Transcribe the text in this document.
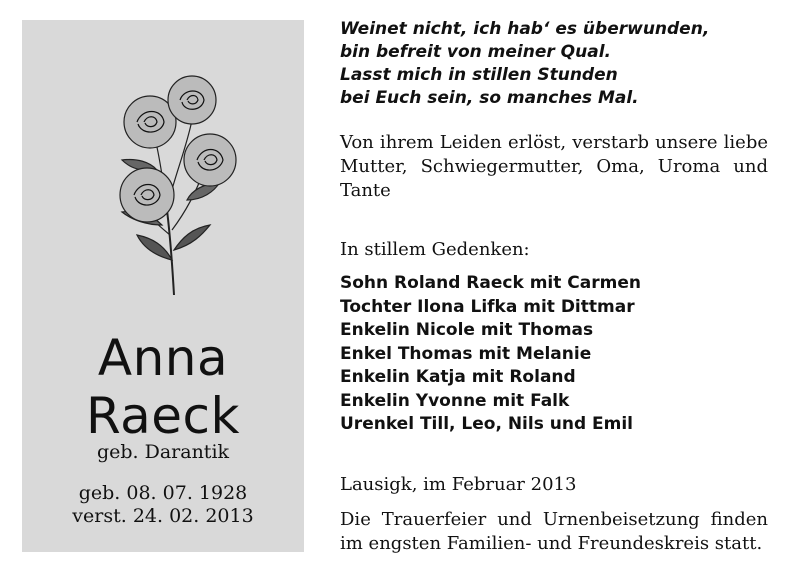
Anna
Raeck
geb. Darantik
geb. 08. 07. 1928
verst. 24. 02. 2013
Weinet nicht, ich hab‘ es überwunden,
bin befreit von meiner Qual.
Lasst mich in stillen Stunden
bei Euch sein, so manches Mal.
Von ihrem Leiden erlöst, verstarb unsere liebe
Mutter, Schwiegermutter, Oma, Uroma und
Tante
In stillem Gedenken:
Sohn Roland Raeck mit Carmen
Tochter Ilona Lifka mit Dittmar
Enkelin Nicole mit Thomas
Enkel Thomas mit Melanie
Enkelin Katja mit Roland
Enkelin Yvonne mit Falk
Urenkel Till, Leo, Nils und Emil
Lausigk, im Februar 2013
Die Trauerfeier und Urnenbeisetzung finden
im engsten Familien- und Freundeskreis statt.
